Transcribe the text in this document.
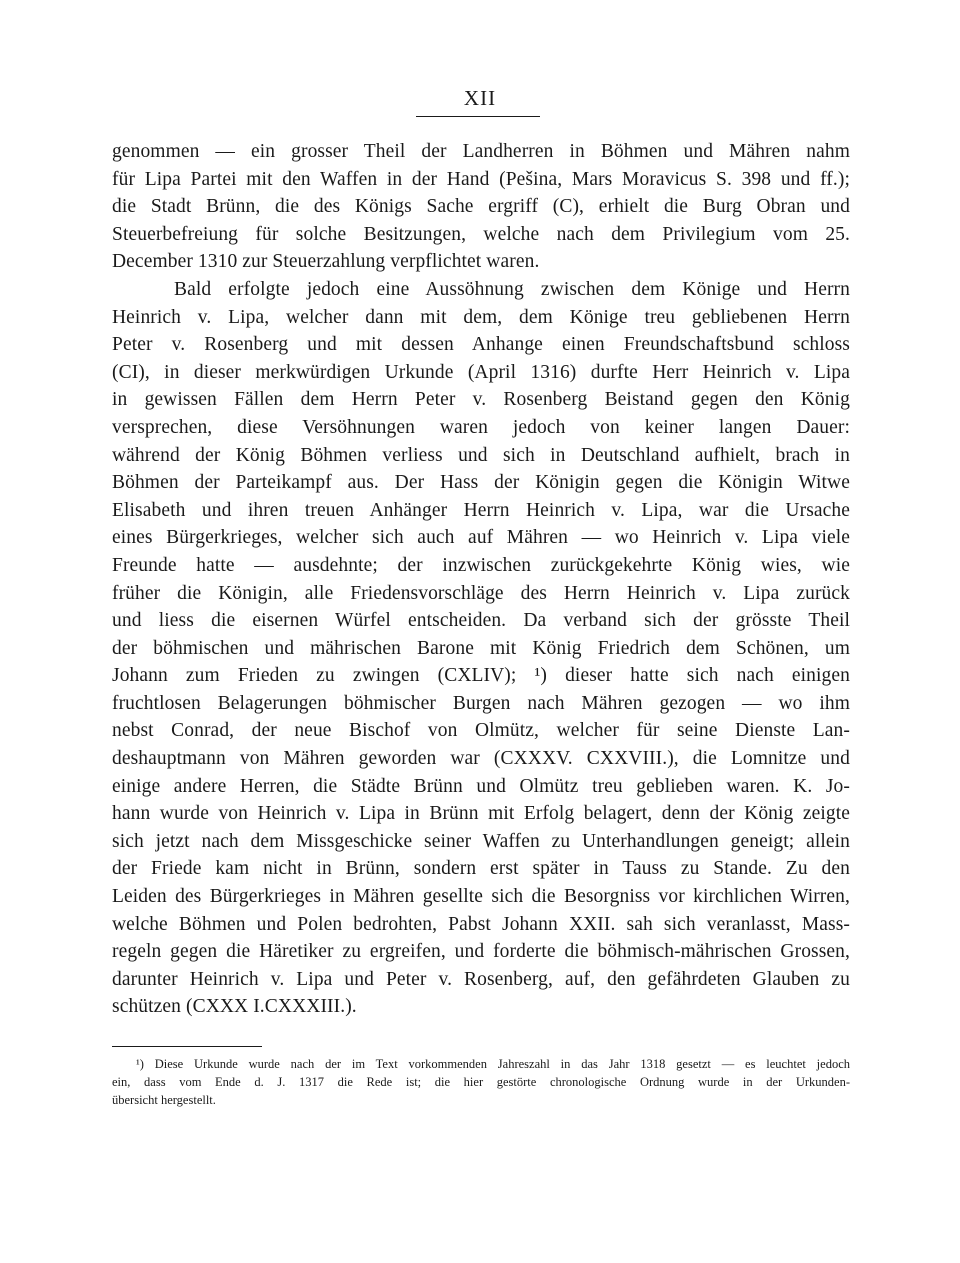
XII
genommen — ein grosser Theil der Landherren in Böhmen und Mähren nahm
für Lipa Partei mit den Waffen in der Hand (Pešina, Mars Moravicus S. 398 und ff.);
die Stadt Brünn, die des Königs Sache ergriff (C), erhielt die Burg Obran und
Steuerbefreiung für solche Besitzungen, welche nach dem Privilegium vom 25.
December 1310 zur Steuerzahlung verpflichtet waren.
Bald erfolgte jedoch eine Aussöhnung zwischen dem Könige und Herrn
Heinrich v. Lipa, welcher dann mit dem, dem Könige treu gebliebenen Herrn
Peter v. Rosenberg und mit dessen Anhange einen Freundschaftsbund schloss
(CI), in dieser merkwürdigen Urkunde (April 1316) durfte Herr Heinrich v. Lipa
in gewissen Fällen dem Herrn Peter v. Rosenberg Beistand gegen den König
versprechen, diese Versöhnungen waren jedoch von keiner langen Dauer:
während der König Böhmen verliess und sich in Deutschland aufhielt, brach in
Böhmen der Parteikampf aus. Der Hass der Königin gegen die Königin Witwe
Elisabeth und ihren treuen Anhänger Herrn Heinrich v. Lipa, war die Ursache
eines Bürgerkrieges, welcher sich auch auf Mähren — wo Heinrich v. Lipa viele
Freunde hatte — ausdehnte; der inzwischen zurückgekehrte König wies, wie
früher die Königin, alle Friedensvorschläge des Herrn Heinrich v. Lipa zurück
und liess die eisernen Würfel entscheiden. Da verband sich der grösste Theil
der böhmischen und mährischen Barone mit König Friedrich dem Schönen, um
Johann zum Frieden zu zwingen (CXLIV); ¹) dieser hatte sich nach einigen
fruchtlosen Belagerungen böhmischer Burgen nach Mähren gezogen — wo ihm
nebst Conrad, der neue Bischof von Olmütz, welcher für seine Dienste Lan-
deshauptmann von Mähren geworden war (CXXXV. CXXVIII.), die Lomnitze und
einige andere Herren, die Städte Brünn und Olmütz treu geblieben waren. K. Jo-
hann wurde von Heinrich v. Lipa in Brünn mit Erfolg belagert, denn der König zeigte
sich jetzt nach dem Missgeschicke seiner Waffen zu Unterhandlungen geneigt; allein
der Friede kam nicht in Brünn, sondern erst später in Tauss zu Stande. Zu den
Leiden des Bürgerkrieges in Mähren gesellte sich die Besorgniss vor kirchlichen Wirren,
welche Böhmen und Polen bedrohten, Pabst Johann XXII. sah sich veranlasst, Mass-
regeln gegen die Häretiker zu ergreifen, und forderte die böhmisch-mährischen Grossen,
darunter Heinrich v. Lipa und Peter v. Rosenberg, auf, den gefährdeten Glauben zu
schützen (CXXX I.CXXXIII.).
¹) Diese Urkunde wurde nach der im Text vorkommenden Jahreszahl in das Jahr 1318 gesetzt — es leuchtet jedoch
ein, dass vom Ende d. J. 1317 die Rede ist; die hier gestörte chronologische Ordnung wurde in der Urkunden-
übersicht hergestellt.
